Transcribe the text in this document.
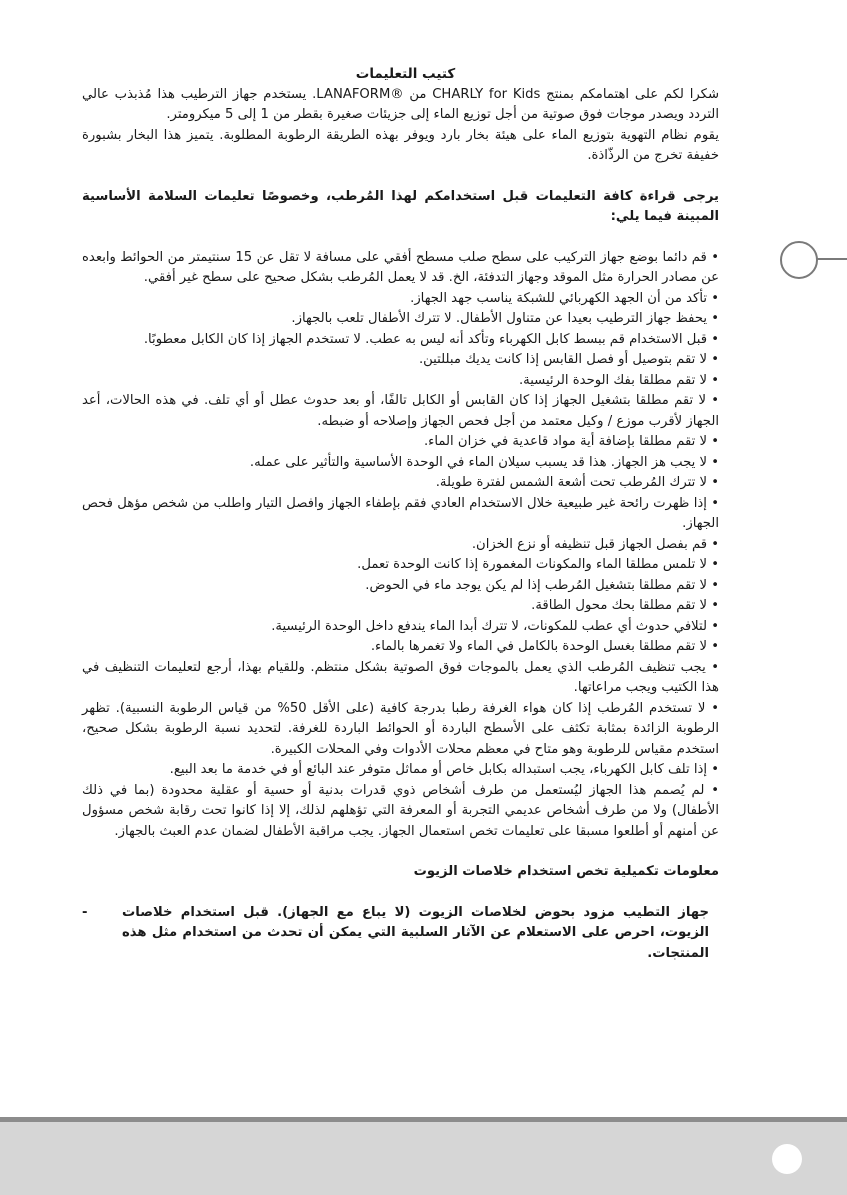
كتيب التعليمات

شكرا لكم على اهتمامكم بمنتج CHARLY for Kids من ®LANAFORM. يستخدم جهاز الترطيب هذا مُذبذب عالي التردد ويصدر موجات فوق صوتية من أجل توزيع الماء إلى جزيئات صغيرة بقطر من 1 إلى 5 ميكرومتر.

يقوم نظام التهوية بتوزيع الماء على هيئة بخار بارد ويوفر بهذه الطريقة الرطوبة المطلوبة. يتميز هذا البخار بشبورة خفيفة تخرج من الرذّاذة.

يرجى قراءة كافة التعليمات قبل استخدامكم لهذا المُرطب، وخصوصًا تعليمات السلامة الأساسية المبينة فيما يلي:

• قم دائما بوضع جهاز التركيب على سطح صلب مسطح أفقي على مسافة لا تقل عن 15 سنتيمتر من الحوائط وابعده عن مصادر الحرارة مثل الموقد وجهاز التدفئة، الخ. قد لا يعمل المُرطب بشكل صحيح على سطح غير أفقي.
• تأكد من أن الجهد الكهربائي للشبكة يناسب جهد الجهاز.
• يحفظ جهاز الترطيب بعيدا عن متناول الأطفال. لا تترك الأطفال تلعب بالجهاز.
• قبل الاستخدام قم ببسط كابل الكهرباء وتأكد أنه ليس به عطب. لا تستخدم الجهاز إذا كان الكابل معطوبًا.
• لا تقم بتوصيل أو فصل القابس إذا كانت يديك مبللتين.
• لا تقم مطلقا بفك الوحدة الرئيسية.
• لا تقم مطلقا بتشغيل الجهاز إذا كان القابس أو الكابل تالفًا، أو بعد حدوث عطل أو أي تلف. في هذه الحالات، أعد الجهاز لأقرب موزع / وكيل معتمد من أجل فحص الجهاز وإصلاحه أو ضبطه.
• لا تقم مطلقا بإضافة أية مواد قاعدية في خزان الماء.
• لا يجب هز الجهاز. هذا قد يسبب سيلان الماء في الوحدة الأساسية والتأثير على عمله.
• لا تترك المُرطب تحت أشعة الشمس لفترة طويلة.
• إذا ظهرت رائحة غير طبيعية خلال الاستخدام العادي فقم بإطفاء الجهاز وافصل التيار واطلب من شخص مؤهل فحص الجهاز.
• قم بفصل الجهاز قبل تنظيفه أو نزع الخزان.
• لا تلمس مطلقا الماء والمكونات المغمورة إذا كانت الوحدة تعمل.
• لا تقم مطلقا بتشغيل المُرطب إذا لم يكن يوجد ماء في الحوض.
• لا تقم مطلقا بحك محول الطاقة.
• لتلافي حدوث أي عطب للمكونات، لا تترك أبدا الماء يندفع داخل الوحدة الرئيسية.
• لا تقم مطلقا بغسل الوحدة بالكامل في الماء ولا تغمرها بالماء.
• يجب تنظيف المُرطب الذي يعمل بالموجات فوق الصوتية بشكل منتظم. وللقيام بهذا، أرجع لتعليمات التنظيف في هذا الكتيب ويجب مراعاتها.
• لا تستخدم المُرطب إذا كان هواء الغرفة رطبا بدرجة كافية (على الأقل 50% من قياس الرطوبة النسبية). تظهر الرطوبة الزائدة بمثابة تكثف على الأسطح الباردة أو الحوائط الباردة للغرفة. لتحديد نسبة الرطوبة بشكل صحيح، استخدم مقياس للرطوبة وهو متاح في معظم محلات الأدوات وفي المحلات الكبيرة.
• إذا تلف كابل الكهرباء، يجب استبداله بكابل خاص أو مماثل متوفر عند البائع أو في خدمة ما بعد البيع.
• لم يُصمم هذا الجهاز ليُستعمل من طرف أشخاص ذوي قدرات بدنية أو حسية أو عقلية محدودة (بما في ذلك الأطفال) ولا من طرف أشخاص عديمي التجربة أو المعرفة التي تؤهلهم لذلك، إلا إذا كانوا تحت رقابة شخص مسؤول عن أمنهم أو أطلعوا مسبقا على تعليمات تخص استعمال الجهاز. يجب مراقبة الأطفال لضمان عدم العبث بالجهاز.

معلومات تكميلية تخص استخدام خلاصات الزيوت

جهاز التطيب مزود بحوض لخلاصات الزيوت (لا يباع مع الجهاز). قبل استخدام خلاصات الزيوت، احرص على الاستعلام عن الآثار السلبية التي يمكن أن تحدث من استخدام مثل هذه المنتجات.
-
